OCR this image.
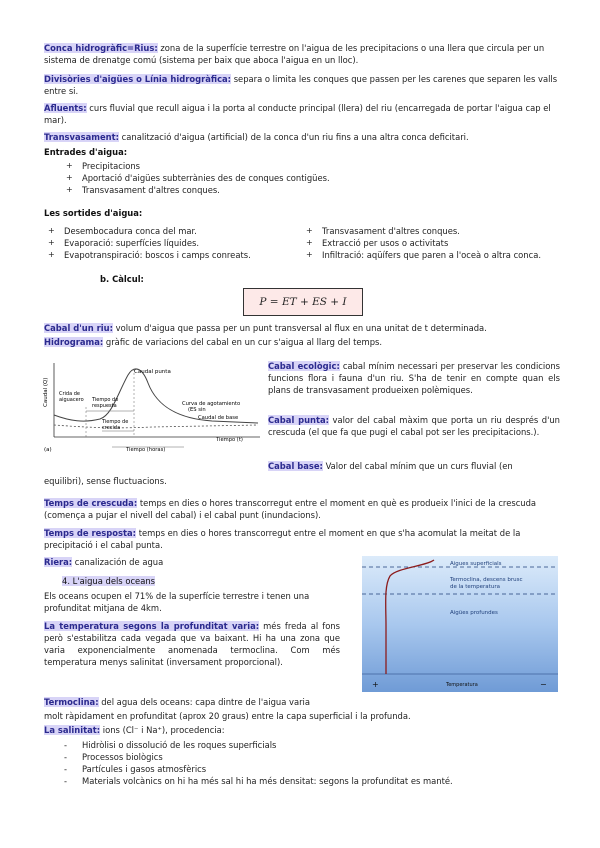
Conca hidrogràfic=Rius: zona de la superfície terrestre on l'aigua de les precipitacions o una llera que circula per un sistema de drenatge comú (sistema per baix que aboca l'aigua en un lloc).
Divisòries d'aigües o Línia hidrogràfica: separa o limita les conques que passen per les carenes que separen les valls entre si.
Afluents: curs fluvial que recull aigua i la porta al conducte principal (llera) del riu (encarregada de portar l'aigua cap el mar).
Transvasament: canalització d'aigua (artificial) de la conca d'un riu fins a una altra conca deficitari.
Entrades d'aigua:
+ Precipitacions
+ Aportació d'aigües subterrànies des de conques contigües.
+ Transvasament d'altres conques.
Les sortides d'aigua:
+ Desembocadura conca del mar.
+ Evaporació: superfícies líquides.
+ Evapotranspiració: boscos i camps conreats.
+ Transvasament d'altres conques.
+ Extracció per usos o activitats
+ Infiltració: aqüífers que paren a l'oceà o altra conca.
b. Càlcul:
P = ET + ES + I
Cabal d'un riu: volum d'aigua que passa per un punt transversal al flux en una unitat de t determinada.
Hidrograma: gràfic de variacions del cabal en un cur s'aigua al llarg del temps.
Caudal (Q)
Caudal punta
Crida de
aiguacero Tiempo de
respuesta	Curva de agotamiento
(ES sin
Tiempo de
crecida
Caudal de base
Tiempo (horas)
Tiempo (t)
(a)
Cabal ecològic: cabal mínim necessari per preservar les condicions funcions flora i fauna d'un riu. S'ha de tenir en compte quan els plans de transvasament produeixen polèmiques.
Cabal punta: valor del cabal màxim que porta un riu després d'un crescuda (el que fa que pugi el cabal pot ser les precipitacions.).
Cabal base: Valor del cabal mínim que un curs fluvial (en
equilibri), sense fluctuacions.
Temps de crescuda: temps en dies o hores transcorregut entre el moment en què es produeix l'inici de la crescuda (comença a pujar el nivell del cabal) i el cabal punt (inundacions).
Temps de resposta: temps en dies o hores transcorregut entre el moment en que s'ha acomulat la meitat de la precipitació i el cabal punta.
Riera: canalización de agua
4. L'aigua dels oceans
Els oceans ocupen el 71% de la superfície terrestre i tenen una profunditat mitjana de 4km.
La temperatura segons la profunditat varia: més freda al fons però s'estabilitza cada vegada que va baixant. Hi ha una zona que varia exponencialmente anomenada termoclina. Com més temperatura menys salinitat (inversament proporcional).
Aigues superficials
Termoclina, descens brusc
de la temperatura
Aigües profundes
Temperatura
+	−
Termoclina: del agua dels oceans: capa dintre de l'aigua varia
molt ràpidament en profunditat (aprox 20 graus) entre la capa superficial i la profunda.
La salinitat: ions (Cl⁻ i Na⁺), procedencia:
- Hidròlisi o dissolució de les roques superficials
- Processos biològics
- Partícules i gasos atmosfèrics
- Materials volcànics on hi ha més sal hi ha més densitat: segons la profunditat es manté.
